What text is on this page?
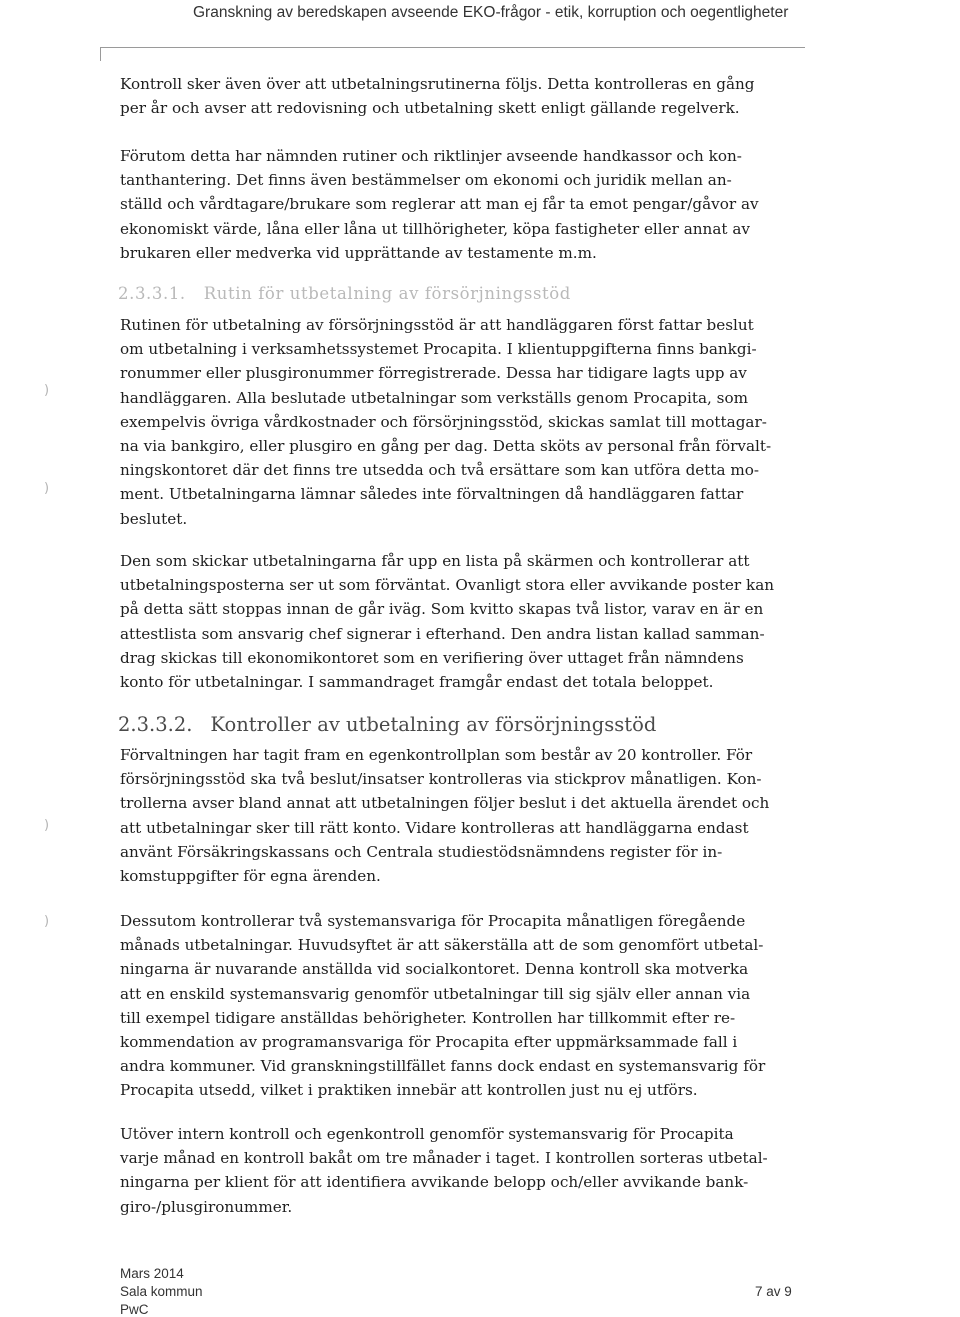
Granskning av beredskapen avseende EKO-frågor - etik, korruption och oegentligheter

Kontroll sker även över att utbetalningsrutinerna följs. Detta kontrolleras en gång
per år och avser att redovisning och utbetalning skett enligt gällande regelverk.

Förutom detta har nämnden rutiner och riktlinjer avseende handkassor och kon-
tanthantering. Det finns även bestämmelser om ekonomi och juridik mellan an-
ställd och vårdtagare/brukare som reglerar att man ej får ta emot pengar/gåvor av
ekonomiskt värde, låna eller låna ut tillhörigheter, köpa fastigheter eller annat av
brukaren eller medverka vid upprättande av testamente m.m.

2.3.3.1. Rutin för utbetalning av försörjningsstöd

Rutinen för utbetalning av försörjningsstöd är att handläggaren först fattar beslut
om utbetalning i verksamhetssystemet Procapita. I klientuppgifterna finns bankgi-
ronummer eller plusgironummer förregistrerade. Dessa har tidigare lagts upp av
handläggaren. Alla beslutade utbetalningar som verkställs genom Procapita, som
exempelvis övriga vårdkostnader och försörjningsstöd, skickas samlat till mottagar-
na via bankgiro, eller plusgiro en gång per dag. Detta sköts av personal från förvalt-
ningskontoret där det finns tre utsedda och två ersättare som kan utföra detta mo-
ment. Utbetalningarna lämnar således inte förvaltningen då handläggaren fattar
beslutet.

Den som skickar utbetalningarna får upp en lista på skärmen och kontrollerar att
utbetalningsposterna ser ut som förväntat. Ovanligt stora eller avvikande poster kan
på detta sätt stoppas innan de går iväg. Som kvitto skapas två listor, varav en är en
attestlista som ansvarig chef signerar i efterhand. Den andra listan kallad samman-
drag skickas till ekonomikontoret som en verifiering över uttaget från nämndens
konto för utbetalningar. I sammandraget framgår endast det totala beloppet.

2.3.3.2. Kontroller av utbetalning av försörjningsstöd

Förvaltningen har tagit fram en egenkontrollplan som består av 20 kontroller. För
försörjningsstöd ska två beslut/insatser kontrolleras via stickprov månatligen. Kon-
trollerna avser bland annat att utbetalningen följer beslut i det aktuella ärendet och
att utbetalningar sker till rätt konto. Vidare kontrolleras att handläggarna endast
använt Försäkringskassans och Centrala studiestödsnämndens register för in-
komstuppgifter för egna ärenden.

Dessutom kontrollerar två systemansvariga för Procapita månatligen föregående
månads utbetalningar. Huvudsyftet är att säkerställa att de som genomfört utbetal-
ningarna är nuvarande anställda vid socialkontoret. Denna kontroll ska motverka
att en enskild systemansvarig genomför utbetalningar till sig själv eller annan via
till exempel tidigare anställdas behörigheter. Kontrollen har tillkommit efter re-
kommendation av programansvariga för Procapita efter uppmärksammade fall i
andra kommuner. Vid granskningstillfället fanns dock endast en systemansvarig för
Procapita utsedd, vilket i praktiken innebär att kontrollen just nu ej utförs.

Utöver intern kontroll och egenkontroll genomför systemansvarig för Procapita
varje månad en kontroll bakåt om tre månader i taget. I kontrollen sorteras utbetal-
ningarna per klient för att identifiera avvikande belopp och/eller avvikande bank-
giro-/plusgironummer.

)
)
)
)
Mars 2014
Sala kommun
PwC
7 av 9
